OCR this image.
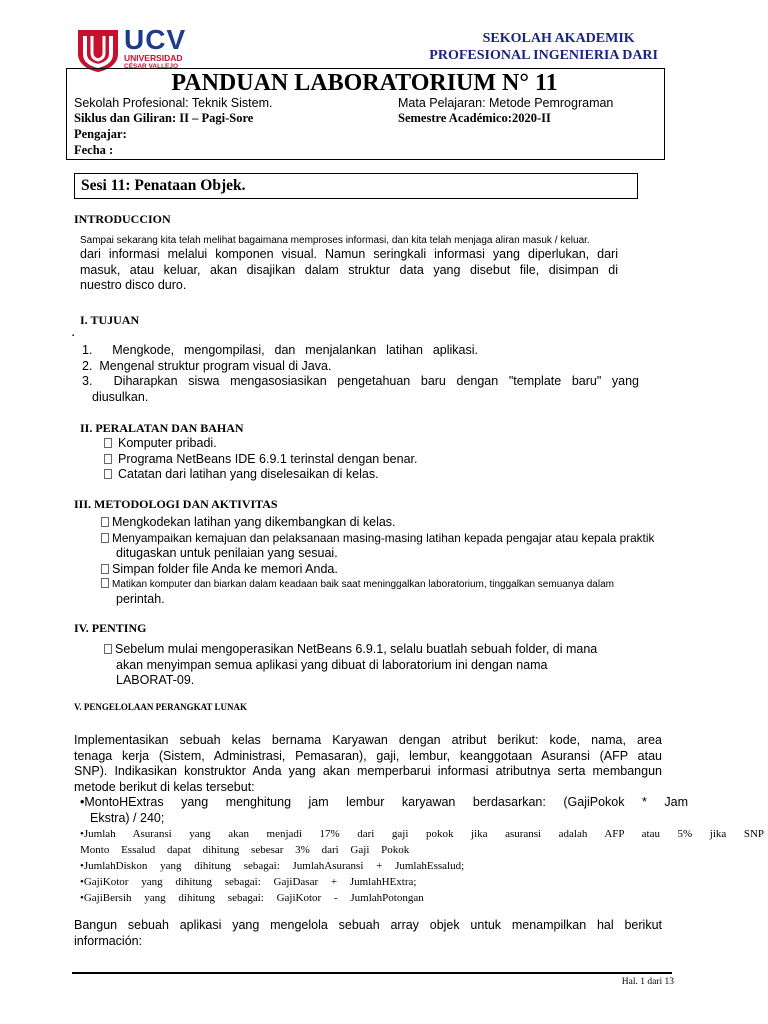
UCV
UNIVERSIDAD
CÉSAR VALLEJO
SEKOLAH AKADEMIK
PROFESIONAL INGENIERIA DARI
PANDUAN LABORATORIUM N° 11
Sekolah Profesional: Teknik Sistem.	Mata Pelajaran: Metode Pemrograman
Siklus dan Giliran: II – Pagi-Sore	Semestre Académico:2020-II
Pengajar:
Fecha :
Sesi 11: Penataan Objek.
INTRODUCCION
Sampai sekarang kita telah melihat bagaimana memproses informasi, dan kita telah menjaga aliran masuk / keluar.
dari informasi melalui komponen visual. Namun seringkali informasi yang diperlukan, dari
masuk, atau keluar, akan disajikan dalam struktur data yang disebut file, disimpan di
nuestro disco duro.
I. TUJUAN
▪
1.  Mengkode, mengompilasi, dan menjalankan latihan aplikasi.
2.  Mengenal struktur program visual di Java.
3.  Diharapkan siswa mengasosiasikan pengetahuan baru dengan "template baru" yang
diusulkan.
II. PERALATAN DAN BAHAN
Komputer pribadi.
Programa NetBeans IDE 6.9.1 terinstal dengan benar.
Catatan dari latihan yang diselesaikan di kelas.
III. METODOLOGI DAN AKTIVITAS
Mengkodekan latihan yang dikembangkan di kelas.
Menyampaikan kemajuan dan pelaksanaan masing-masing latihan kepada pengajar atau kepala praktik
ditugaskan untuk penilaian yang sesuai.
Simpan folder file Anda ke memori Anda.
Matikan komputer dan biarkan dalam keadaan baik saat meninggalkan laboratorium, tinggalkan semuanya dalam
perintah.
IV. PENTING
Sebelum mulai mengoperasikan NetBeans 6.9.1, selalu buatlah sebuah folder, di mana
akan menyimpan semua aplikasi yang dibuat di laboratorium ini dengan nama
LABORAT-09.
V. PENGELOLAAN PERANGKAT LUNAK
Implementasikan sebuah kelas bernama Karyawan dengan atribut berikut: kode, nama, area
tenaga kerja (Sistem, Administrasi, Pemasaran), gaji, lembur, keanggotaan Asuransi (AFP atau
SNP). Indikasikan konstruktor Anda yang akan memperbarui informasi atributnya serta membangun
metode berikut di kelas tersebut:
•MontoHExtras yang menghitung jam lembur karyawan berdasarkan: (GajiPokok * Jam
Ekstra) / 240;
•Jumlah Asuransi yang akan menjadi 17% dari gaji pokok jika asuransi adalah AFP atau 5% jika SNP
Monto Essalud dapat dihitung sebesar 3% dari Gaji Pokok
•JumlahDiskon yang dihitung sebagai: JumlahAsuransi + JumlahEssalud;
•GajiKotor yang dihitung sebagai: GajiDasar + JumlahHExtra;
•GajiBersih yang dihitung sebagai: GajiKotor - JumlahPotongan
Bangun sebuah aplikasi yang mengelola sebuah array objek untuk menampilkan hal berikut
información:
Hal. 1 dari 13
